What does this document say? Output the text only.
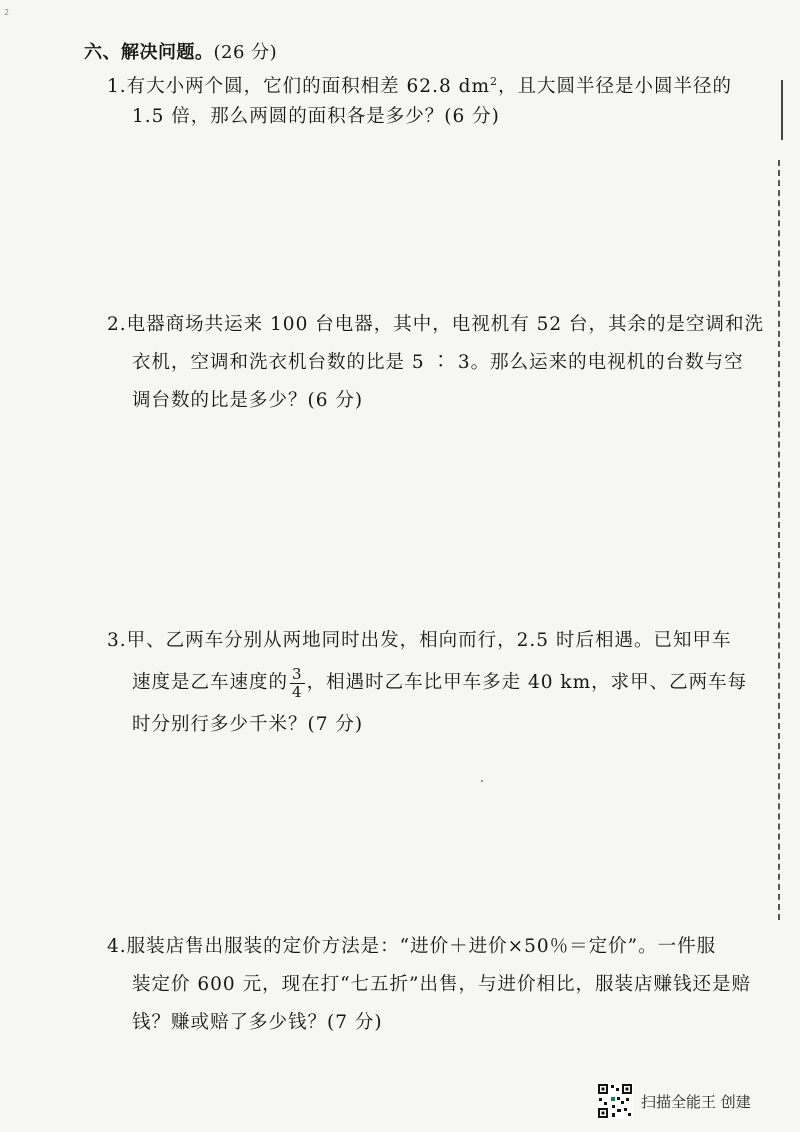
2
六、解决问题。(26 分)
1.有大小两个圆，它们的面积相差 62.8 $dm^2$，且大圆半径是小圆半径的
1.5 倍，那么两圆的面积各是多少？(6 分)
2.电器商场共运来 100 台电器，其中，电视机有 52 台，其余的是空调和洗
衣机，空调和洗衣机台数的比是 5 ∶ 3。那么运来的电视机的台数与空
调台数的比是多少？(6 分)
3.甲、乙两车分别从两地同时出发，相向而行，2.5 时后相遇。已知甲车
速度是乙车速度的 $\frac{3}{4}$ ，相遇时乙车比甲车多走 40 km，求甲、乙两车每
时分别行多少千米？(7 分)
4.服装店售出服装的定价方法是：“进价＋进价×50％＝定价”。一件服
装定价 600 元，现在打“七五折”出售，与进价相比，服装店赚钱还是赔
钱？赚或赔了多少钱？(7 分)
扫描全能王 创建
